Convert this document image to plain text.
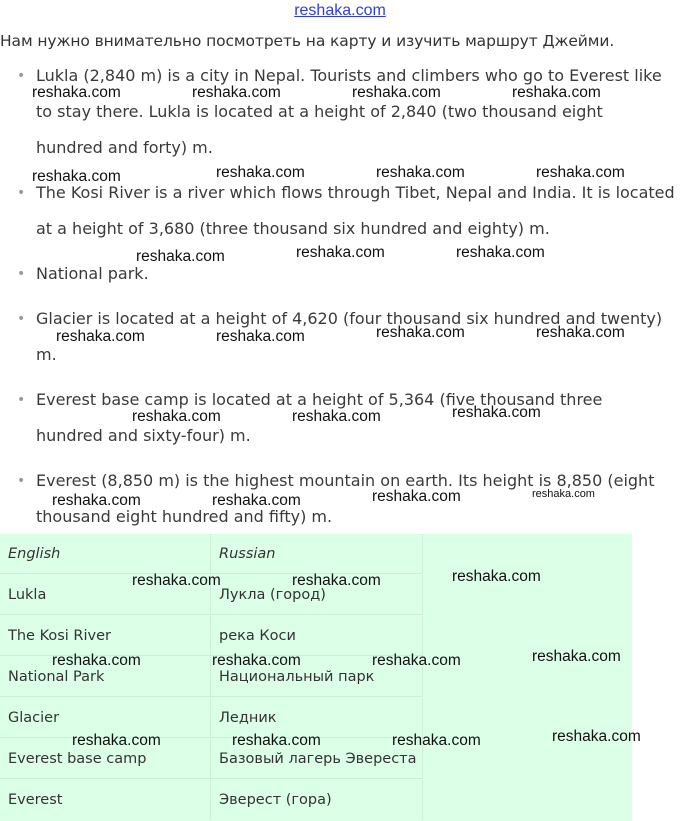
reshaka.com
Нам нужно внимательно посмотреть на карту и изучить маршрут Джейми.
• Lukla (2,840 m) is a city in Nepal. Tourists and climbers who go to Everest like
to stay there. Lukla is located at a height of 2,840 (two thousand eight
hundred and forty) m.
• The Kosi River is a river which flows through Tibet, Nepal and India. It is located
at a height of 3,680 (three thousand six hundred and eighty) m.
• National park.
• Glacier is located at a height of 4,620 (four thousand six hundred and twenty)
m.
• Everest base camp is located at a height of 5,364 (five thousand three
hundred and sixty-four) m.
• Everest (8,850 m) is the highest mountain on earth. Its height is 8,850 (eight
thousand eight hundred and fifty) m.
English	Russian
Lukla	Лукла (город)
The Kosi River	река Коси
National Park	Национальный парк
Glacier	Ледник
Everest base camp	Базовый лагерь Эвереста
Everest	Эверест (гора)
reshaka.com	reshaka.com	reshaka.com	reshaka.com
reshaka.com	reshaka.com	reshaka.com	reshaka.com
reshaka.com	reshaka.com	reshaka.com
reshaka.com	reshaka.com	reshaka.com	reshaka.com
reshaka.com	reshaka.com	reshaka.com
reshaka.com	reshaka.com	reshaka.com	reshaka.com
reshaka.com	reshaka.com	reshaka.com
reshaka.com	reshaka.com	reshaka.com	reshaka.com
reshaka.com	reshaka.com	reshaka.com	reshaka.com
